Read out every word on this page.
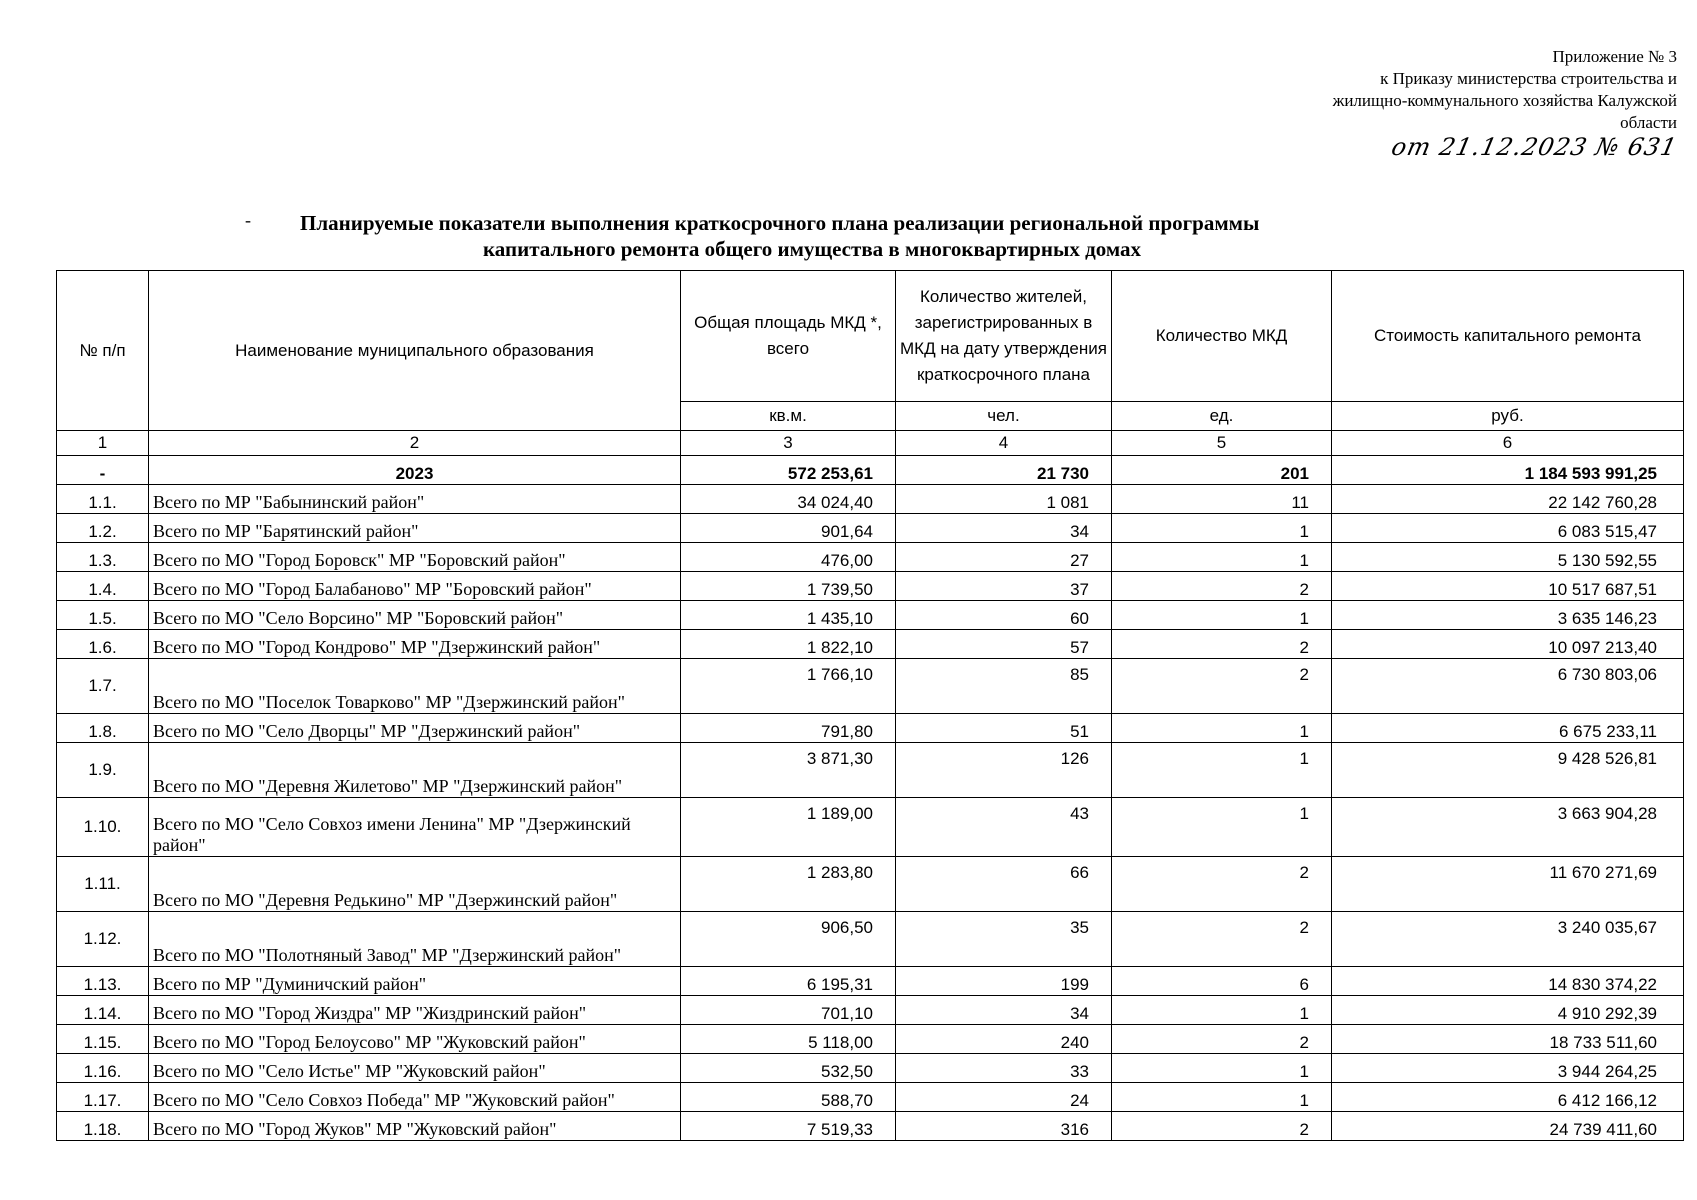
Приложение № 3
к Приказу министерства строительства и
жилищно-коммунального хозяйства Калужской
области
от 21.12.2023 № 631
- Планируемые показатели выполнения краткосрочного плана реализации региональной программы
капитального ремонта общего имущества в многоквартирных домах
№ п/п	Наименование муниципального образования	Общая площадь МКД *, всего	Количество жителей, зарегистрированных в МКД на дату утверждения краткосрочного плана	Количество МКД	Стоимость капитального ремонта
		кв.м.	чел.	ед.	руб.
1	2	3	4	5	6
-	2023	572 253,61	21 730	201	1 184 593 991,25
1.1.	Всего по МР "Бабынинский район"	34 024,40	1 081	11	22 142 760,28
1.2.	Всего по МР "Барятинский район"	901,64	34	1	6 083 515,47
1.3.	Всего по МО "Город Боровск" МР "Боровский район"	476,00	27	1	5 130 592,55
1.4.	Всего по МО "Город Балабаново" МР "Боровский район"	1 739,50	37	2	10 517 687,51
1.5.	Всего по МО "Село Ворсино" МР "Боровский район"	1 435,10	60	1	3 635 146,23
1.6.	Всего по МО "Город Кондрово" МР "Дзержинский район"	1 822,10	57	2	10 097 213,40
1.7.	Всего по МО "Поселок Товарково" МР "Дзержинский район"	1 766,10	85	2	6 730 803,06
1.8.	Всего по МО "Село Дворцы" МР "Дзержинский район"	791,80	51	1	6 675 233,11
1.9.	Всего по МО "Деревня Жилетово" МР "Дзержинский район"	3 871,30	126	1	9 428 526,81
1.10.	Всего по МО "Село Совхоз имени Ленина" МР "Дзержинский район"	1 189,00	43	1	3 663 904,28
1.11.	Всего по МО "Деревня Редькино" МР "Дзержинский район"	1 283,80	66	2	11 670 271,69
1.12.	Всего по МО "Полотняный Завод" МР "Дзержинский район"	906,50	35	2	3 240 035,67
1.13.	Всего по МР "Думиничский район"	6 195,31	199	6	14 830 374,22
1.14.	Всего по МО "Город Жиздра" МР "Жиздринский район"	701,10	34	1	4 910 292,39
1.15.	Всего по МО "Город Белоусово" МР "Жуковский район"	5 118,00	240	2	18 733 511,60
1.16.	Всего по МО "Село Истье" МР "Жуковский район"	532,50	33	1	3 944 264,25
1.17.	Всего по МО "Село Совхоз Победа" МР "Жуковский район"	588,70	24	1	6 412 166,12
1.18.	Всего по МО "Город Жуков" МР "Жуковский район"	7 519,33	316	2	24 739 411,60
